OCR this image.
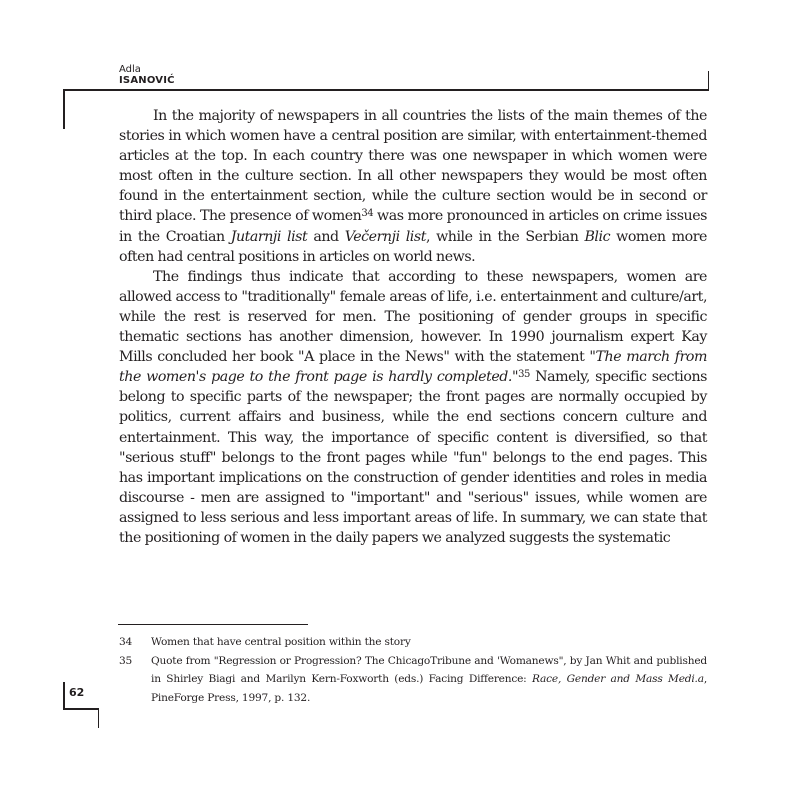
Adla
ISANOVIĆ

In the majority of newspapers in all countries the lists of the main themes of the stories in which women have a central position are similar, with entertainment-themed articles at the top. In each country there was one newspaper in which women were most often in the culture section. In all other newspapers they would be most often found in the entertainment section, while the culture section would be in second or third place. The presence of women$^{34}$ was more pronounced in articles on crime issues in the Croatian Jutarnji list and Večernji list, while in the Serbian Blic women more often had central positions in articles on world news.

The findings thus indicate that according to these newspapers, women are allowed access to "traditionally" female areas of life, i.e. entertainment and culture/art, while the rest is reserved for men. The positioning of gender groups in specific thematic sections has another dimension, however. In 1990 journalism expert Kay Mills concluded her book "A place in the News" with the statement "The march from the women's page to the front page is hardly completed."$^{35}$ Namely, specific sections belong to specific parts of the newspaper; the front pages are normally occupied by politics, current affairs and business, while the end sections concern culture and entertainment. This way, the importance of specific content is diversified, so that "serious stuff" belongs to the front pages while "fun" belongs to the end pages. This has important implications on the construction of gender identities and roles in media discourse - men are assigned to "important" and "serious" issues, while women are assigned to less serious and less important areas of life. In summary, we can state that the positioning of women in the daily papers we analyzed suggests the systematic

34	Women that have central position within the story
35	Quote from "Regression or Progression? The ChicagoTribune and 'Womanews", by Jan Whit and published in Shirley Biagi and Marilyn Kern-Foxworth (eds.) Facing Difference: Race, Gender and Mass Medi.a, PineForge Press, 1997, p. 132.
62
